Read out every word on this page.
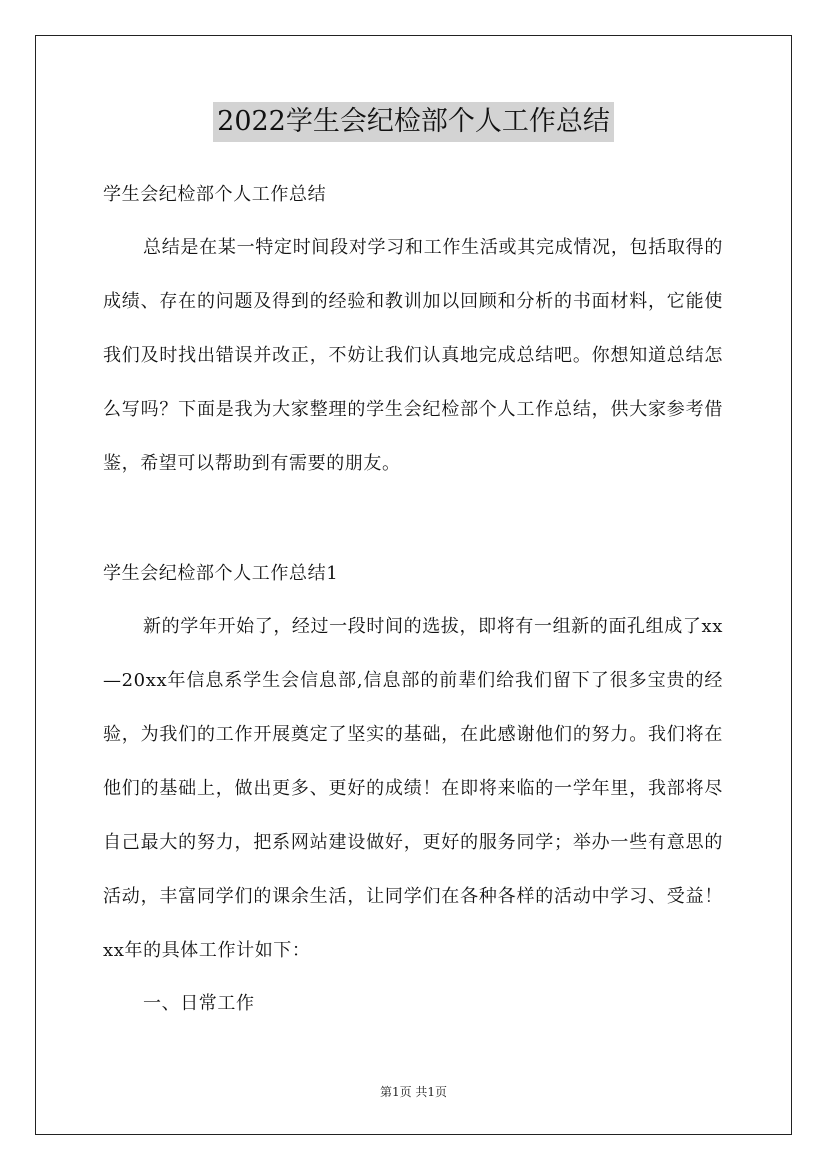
2022学生会纪检部个人工作总结

学生会纪检部个人工作总结

总结是在某一特定时间段对学习和工作生活或其完成情况，包括取得的成绩、存在的问题及得到的经验和教训加以回顾和分析的书面材料，它能使我们及时找出错误并改正，不妨让我们认真地完成总结吧。你想知道总结怎么写吗？下面是我为大家整理的学生会纪检部个人工作总结，供大家参考借鉴，希望可以帮助到有需要的朋友。

学生会纪检部个人工作总结1

新的学年开始了，经过一段时间的选拔，即将有一组新的面孔组成了xx—20xx年信息系学生会信息部,信息部的前辈们给我们留下了很多宝贵的经验，为我们的工作开展奠定了坚实的基础，在此感谢他们的努力。我们将在他们的基础上，做出更多、更好的成绩！在即将来临的一学年里，我部将尽自己最大的努力，把系网站建设做好，更好的服务同学；举办一些有意思的活动，丰富同学们的课余生活，让同学们在各种各样的活动中学习、受益！xx年的具体工作计如下：

一、日常工作

第1页 共1页
